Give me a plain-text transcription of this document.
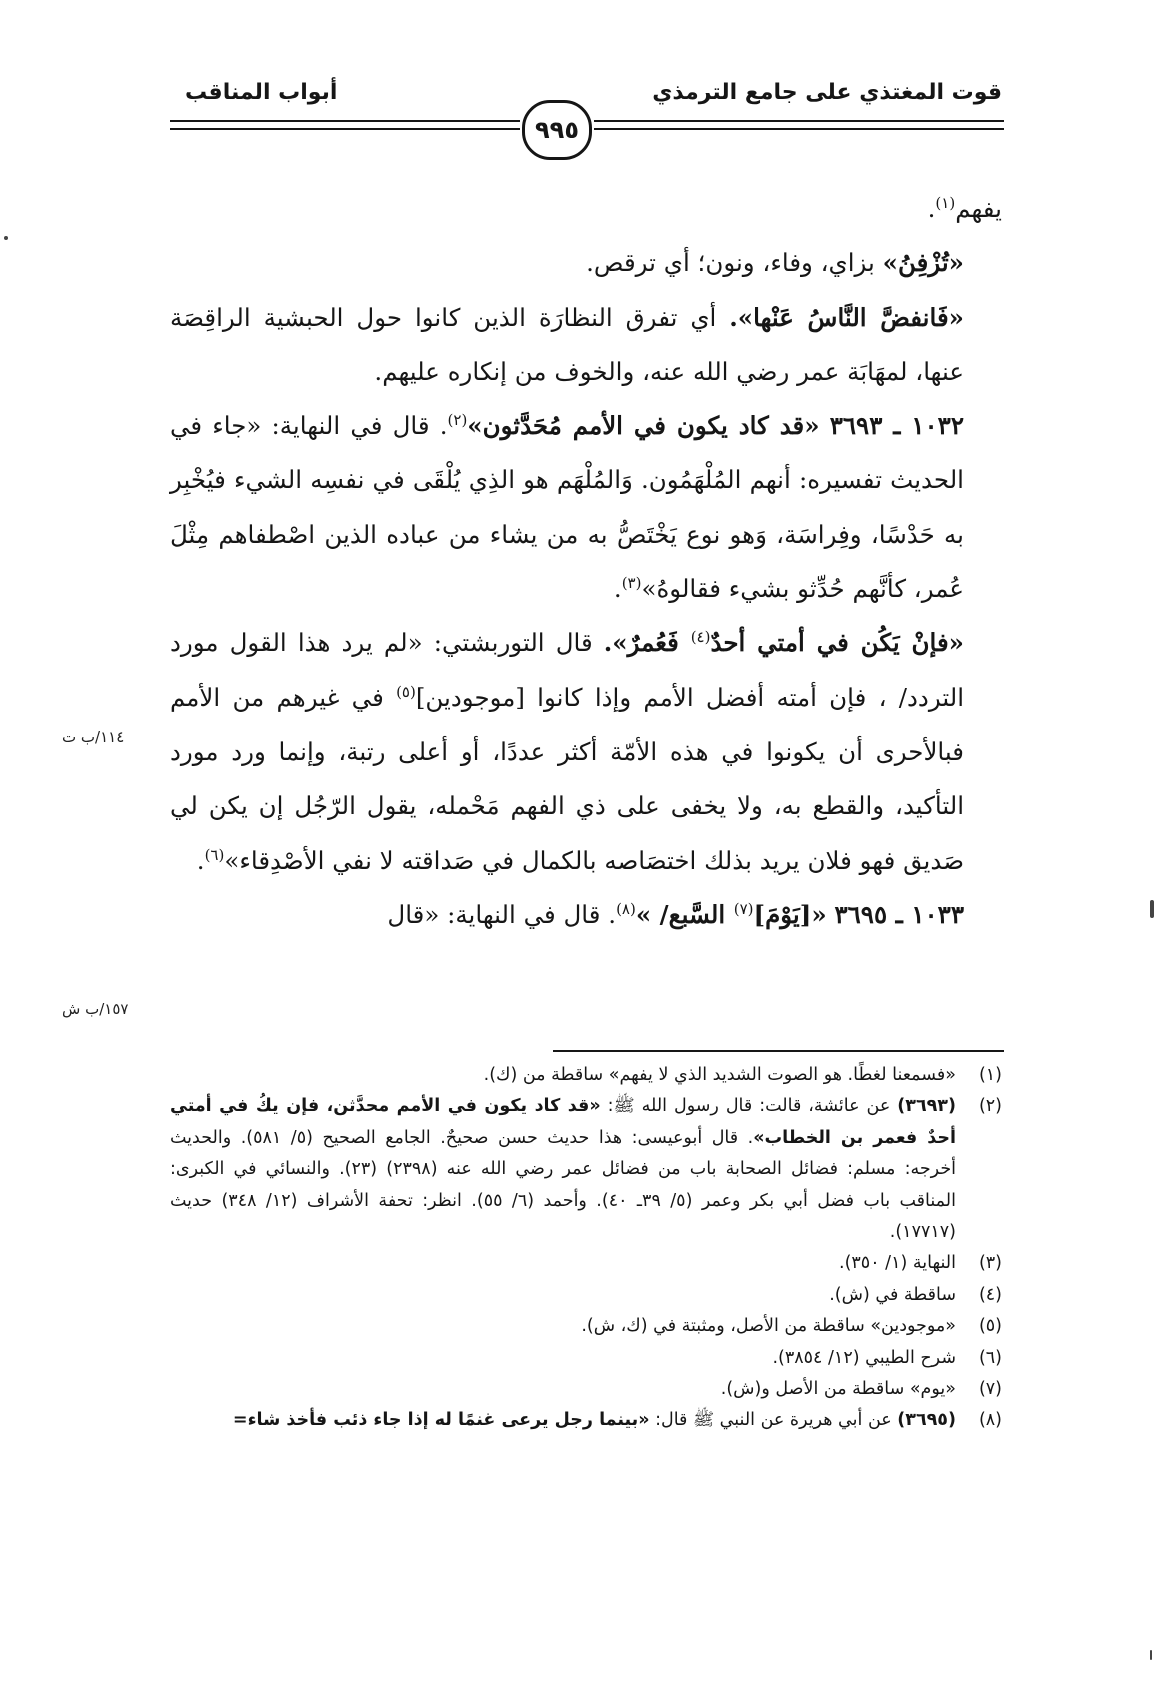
قوت المغتذي على جامع الترمذي
أبواب المناقب
٩٩٥

يفهم$^{(١)}$.

«تُزْفِنُ» بزاي، وفاء، ونون؛ أي ترقص.

«فَانفضَّ النَّاسُ عَنْها». أي تفرق النظارَة الذين كانوا حول الحبشية الراقِصَة عنها، لمهَابَة عمر رضي الله عنه، والخوف من إنكاره عليهم.

١٠٣٢ ـ ٣٦٩٣ «قد كاد يكون في الأمم مُحَدَّثون»$^{(٢)}$. قال في النهاية: «جاء في الحديث تفسيره: أنهم المُلْهَمُون. وَالمُلْهَم هو الذِي يُلْقَى في نفسِه الشيء فيُخْبِر به حَدْسًا، وفِراسَة، وَهو نوع يَخْتَصُّ به من يشاء من عباده الذين اصْطفاهم مِثْلَ عُمر، كأنَّهم حُدِّثو بشيء فقالوهُ»$^{(٣)}$.

«فإنْ يَكُن في أمتي أحدٌ$^{(٤)}$ فَعُمرٌ». قال التوربشتي: «لم يرد هذا القول مورد التردد/ ، فإن أمته أفضل الأمم وإذا كانوا [موجودين]$^{(٥)}$ في غيرهم من الأمم فبالأحرى أن يكونوا في هذه الأمّة أكثر عددًا، أو أعلى رتبة، وإنما ورد مورد التأكيد، والقطع به، ولا يخفى على ذي الفهم مَحْمله، يقول الرّجُل إن يكن لي صَديق فهو فلان يريد بذلك اختصَاصه بالكمال في صَداقته لا نفي الأصْدِقاء»$^{(٦)}$.

١٠٣٣ ـ ٣٦٩٥ «[يَوْمَ]$^{(٧)}$ السَّبع/ »$^{(٨)}$. قال في النهاية: «قال

١١٤/ب ت
١٥٧/ب ش
(١)
«فسمعنا لغطًا. هو الصوت الشديد الذي لا يفهم» ساقطة من (ك).
(٢)
(٣٦٩٣) عن عائشة، قالت: قال رسول الله ﷺ: «قد كاد يكون في الأمم محدَّثن، فإن يكُ في أمتي أحدٌ فعمر بن الخطاب». قال أبوعيسى: هذا حديث حسن صحيحٌ. الجامع الصحيح (٥/ ٥٨١). والحديث أخرجه: مسلم: فضائل الصحابة باب من فضائل عمر رضي الله عنه (٢٣٩٨) (٢٣). والنسائي في الكبرى: المناقب باب فضل أبي بكر وعمر (٥/ ٣٩ـ ٤٠). وأحمد (٦/ ٥٥). انظر: تحفة الأشراف (١٢/ ٣٤٨) حديث (١٧٧١٧).
(٣)
النهاية (١/ ٣٥٠).
(٤)
ساقطة في (ش).
(٥)
«موجودين» ساقطة من الأصل، ومثبتة في (ك، ش).
(٦)
شرح الطيبي (١٢/ ٣٨٥٤).
(٧)
«يوم» ساقطة من الأصل و(ش).
(٨)
(٣٦٩٥) عن أبي هريرة عن النبي ﷺ قال: «بينما رجل يرعى غنمًا له إذا جاء ذئب فأخذ شاء=
